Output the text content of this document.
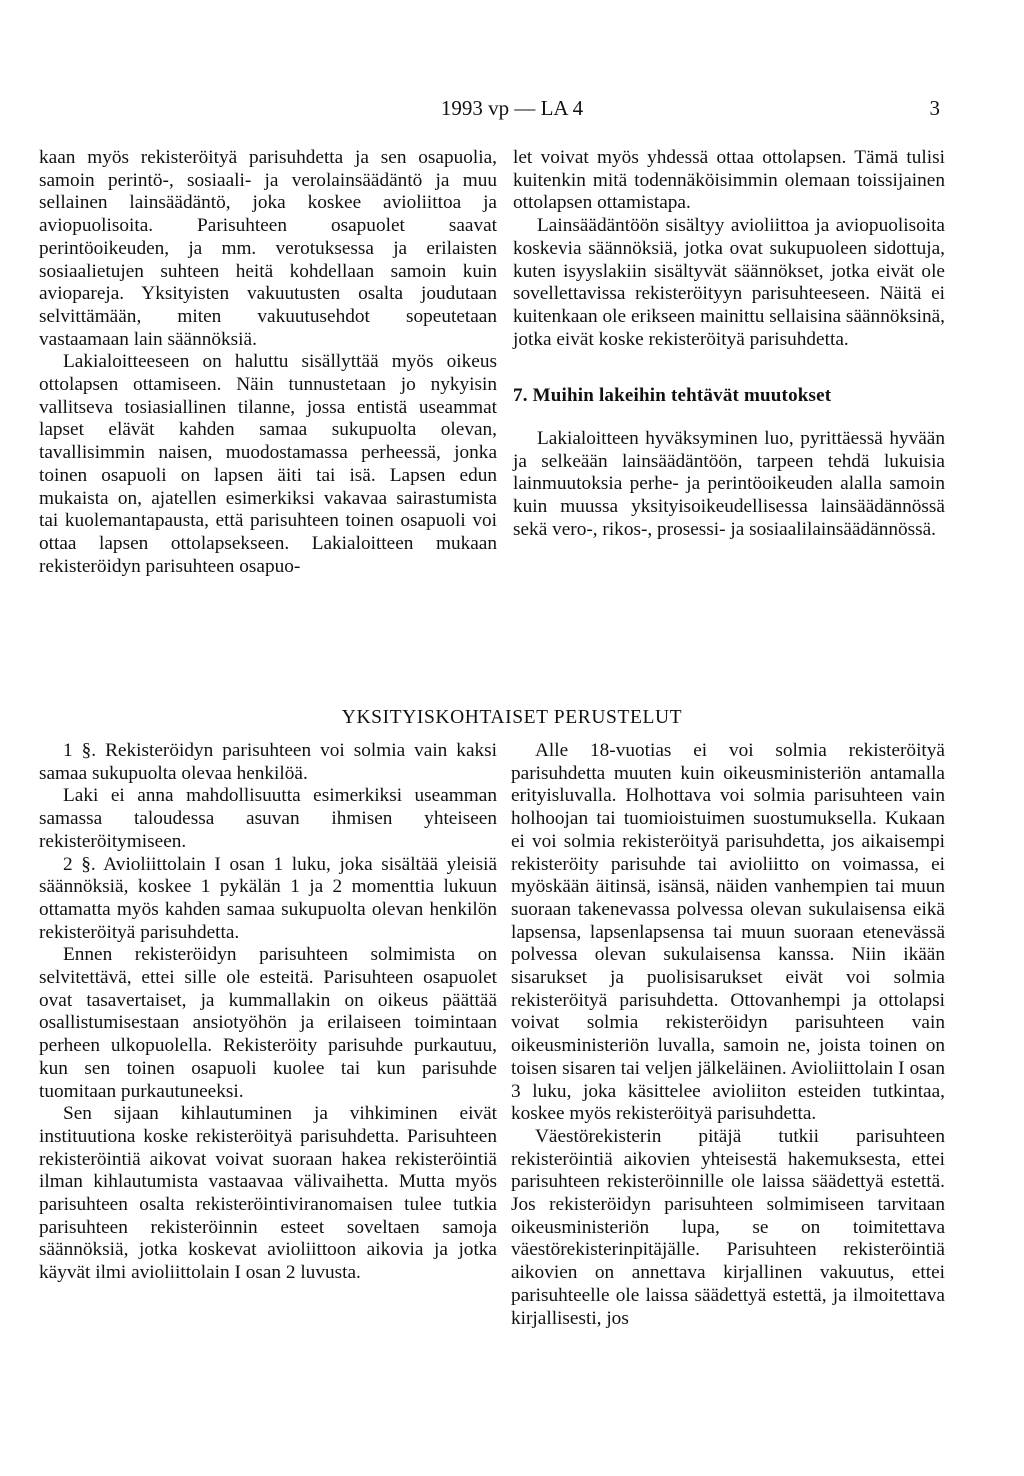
1993 vp — LA 4	3

kaan myös rekisteröityä parisuhdetta ja sen osapuolia, samoin perintö-, sosiaali- ja verolainsäädäntö ja muu sellainen lainsäädäntö, joka koskee avioliittoa ja aviopuolisoita. Parisuhteen osapuolet saavat perintöoikeuden, ja mm. verotuksessa ja erilaisten sosiaalietujen suhteen heitä kohdellaan samoin kuin aviopareja. Yksityisten vakuutusten osalta joudutaan selvittämään, miten vakuutusehdot sopeutetaan vastaamaan lain säännöksiä.

Lakialoitteeseen on haluttu sisällyttää myös oikeus ottolapsen ottamiseen. Näin tunnustetaan jo nykyisin vallitseva tosiasiallinen tilanne, jossa entistä useammat lapset elävät kahden samaa sukupuolta olevan, tavallisimmin naisen, muodostamassa perheessä, jonka toinen osapuoli on lapsen äiti tai isä. Lapsen edun mukaista on, ajatellen esimerkiksi vakavaa sairastumista tai kuolemantapausta, että parisuhteen toinen osapuoli voi ottaa lapsen ottolapsekseen. Lakialoitteen mukaan rekisteröidyn parisuhteen osapuo-

let voivat myös yhdessä ottaa ottolapsen. Tämä tulisi kuitenkin mitä todennäköisimmin olemaan toissijainen ottolapsen ottamistapa.

Lainsäädäntöön sisältyy avioliittoa ja aviopuolisoita koskevia säännöksiä, jotka ovat sukupuoleen sidottuja, kuten isyyslakiin sisältyvät säännökset, jotka eivät ole sovellettavissa rekisteröityyn parisuhteeseen. Näitä ei kuitenkaan ole erikseen mainittu sellaisina säännöksinä, jotka eivät koske rekisteröityä parisuhdetta.

7. Muihin lakeihin tehtävät muutokset

Lakialoitteen hyväksyminen luo, pyrittäessä hyvään ja selkeään lainsäädäntöön, tarpeen tehdä lukuisia lainmuutoksia perhe- ja perintöoikeuden alalla samoin kuin muussa yksityisoikeudellisessa lainsäädännössä sekä vero-, rikos-, prosessi- ja sosiaalilainsäädännössä.

YKSITYISKOHTAISET PERUSTELUT

1 §. Rekisteröidyn parisuhteen voi solmia vain kaksi samaa sukupuolta olevaa henkilöä.

Laki ei anna mahdollisuutta esimerkiksi useamman samassa taloudessa asuvan ihmisen yhteiseen rekisteröitymiseen.

2 §. Avioliittolain I osan 1 luku, joka sisältää yleisiä säännöksiä, koskee 1 pykälän 1 ja 2 momenttia lukuun ottamatta myös kahden samaa sukupuolta olevan henkilön rekisteröityä parisuhdetta.

Ennen rekisteröidyn parisuhteen solmimista on selvitettävä, ettei sille ole esteitä. Parisuhteen osapuolet ovat tasavertaiset, ja kummallakin on oikeus päättää osallistumisestaan ansiotyöhön ja erilaiseen toimintaan perheen ulkopuolella. Rekisteröity parisuhde purkautuu, kun sen toinen osapuoli kuolee tai kun parisuhde tuomitaan purkautuneeksi.

Sen sijaan kihlautuminen ja vihkiminen eivät instituutiona koske rekisteröityä parisuhdetta. Parisuhteen rekisteröintiä aikovat voivat suoraan hakea rekisteröintiä ilman kihlautumista vastaavaa välivaihetta. Mutta myös parisuhteen osalta rekisteröintiviranomaisen tulee tutkia parisuhteen rekisteröinnin esteet soveltaen samoja säännöksiä, jotka koskevat avioliittoon aikovia ja jotka käyvät ilmi avioliittolain I osan 2 luvusta.

Alle 18-vuotias ei voi solmia rekisteröityä parisuhdetta muuten kuin oikeusministeriön antamalla erityisluvalla. Holhottava voi solmia parisuhteen vain holhoojan tai tuomioistuimen suostumuksella. Kukaan ei voi solmia rekisteröityä parisuhdetta, jos aikaisempi rekisteröity parisuhde tai avioliitto on voimassa, ei myöskään äitinsä, isänsä, näiden vanhempien tai muun suoraan takenevassa polvessa olevan sukulaisensa eikä lapsensa, lapsenlapsensa tai muun suoraan etenevässä polvessa olevan sukulaisensa kanssa. Niin ikään sisarukset ja puolisisarukset eivät voi solmia rekisteröityä parisuhdetta. Ottovanhempi ja ottolapsi voivat solmia rekisteröidyn parisuhteen vain oikeusministeriön luvalla, samoin ne, joista toinen on toisen sisaren tai veljen jälkeläinen. Avioliittolain I osan 3 luku, joka käsittelee avioliiton esteiden tutkintaa, koskee myös rekisteröityä parisuhdetta.

Väestörekisterin pitäjä tutkii parisuhteen rekisteröintiä aikovien yhteisestä hakemuksesta, ettei parisuhteen rekisteröinnille ole laissa säädettyä estettä. Jos rekisteröidyn parisuhteen solmimiseen tarvitaan oikeusministeriön lupa, se on toimitettava väestörekisterinpitäjälle. Parisuhteen rekisteröintiä aikovien on annettava kirjallinen vakuutus, ettei parisuhteelle ole laissa säädettyä estettä, ja ilmoitettava kirjallisesti, jos
